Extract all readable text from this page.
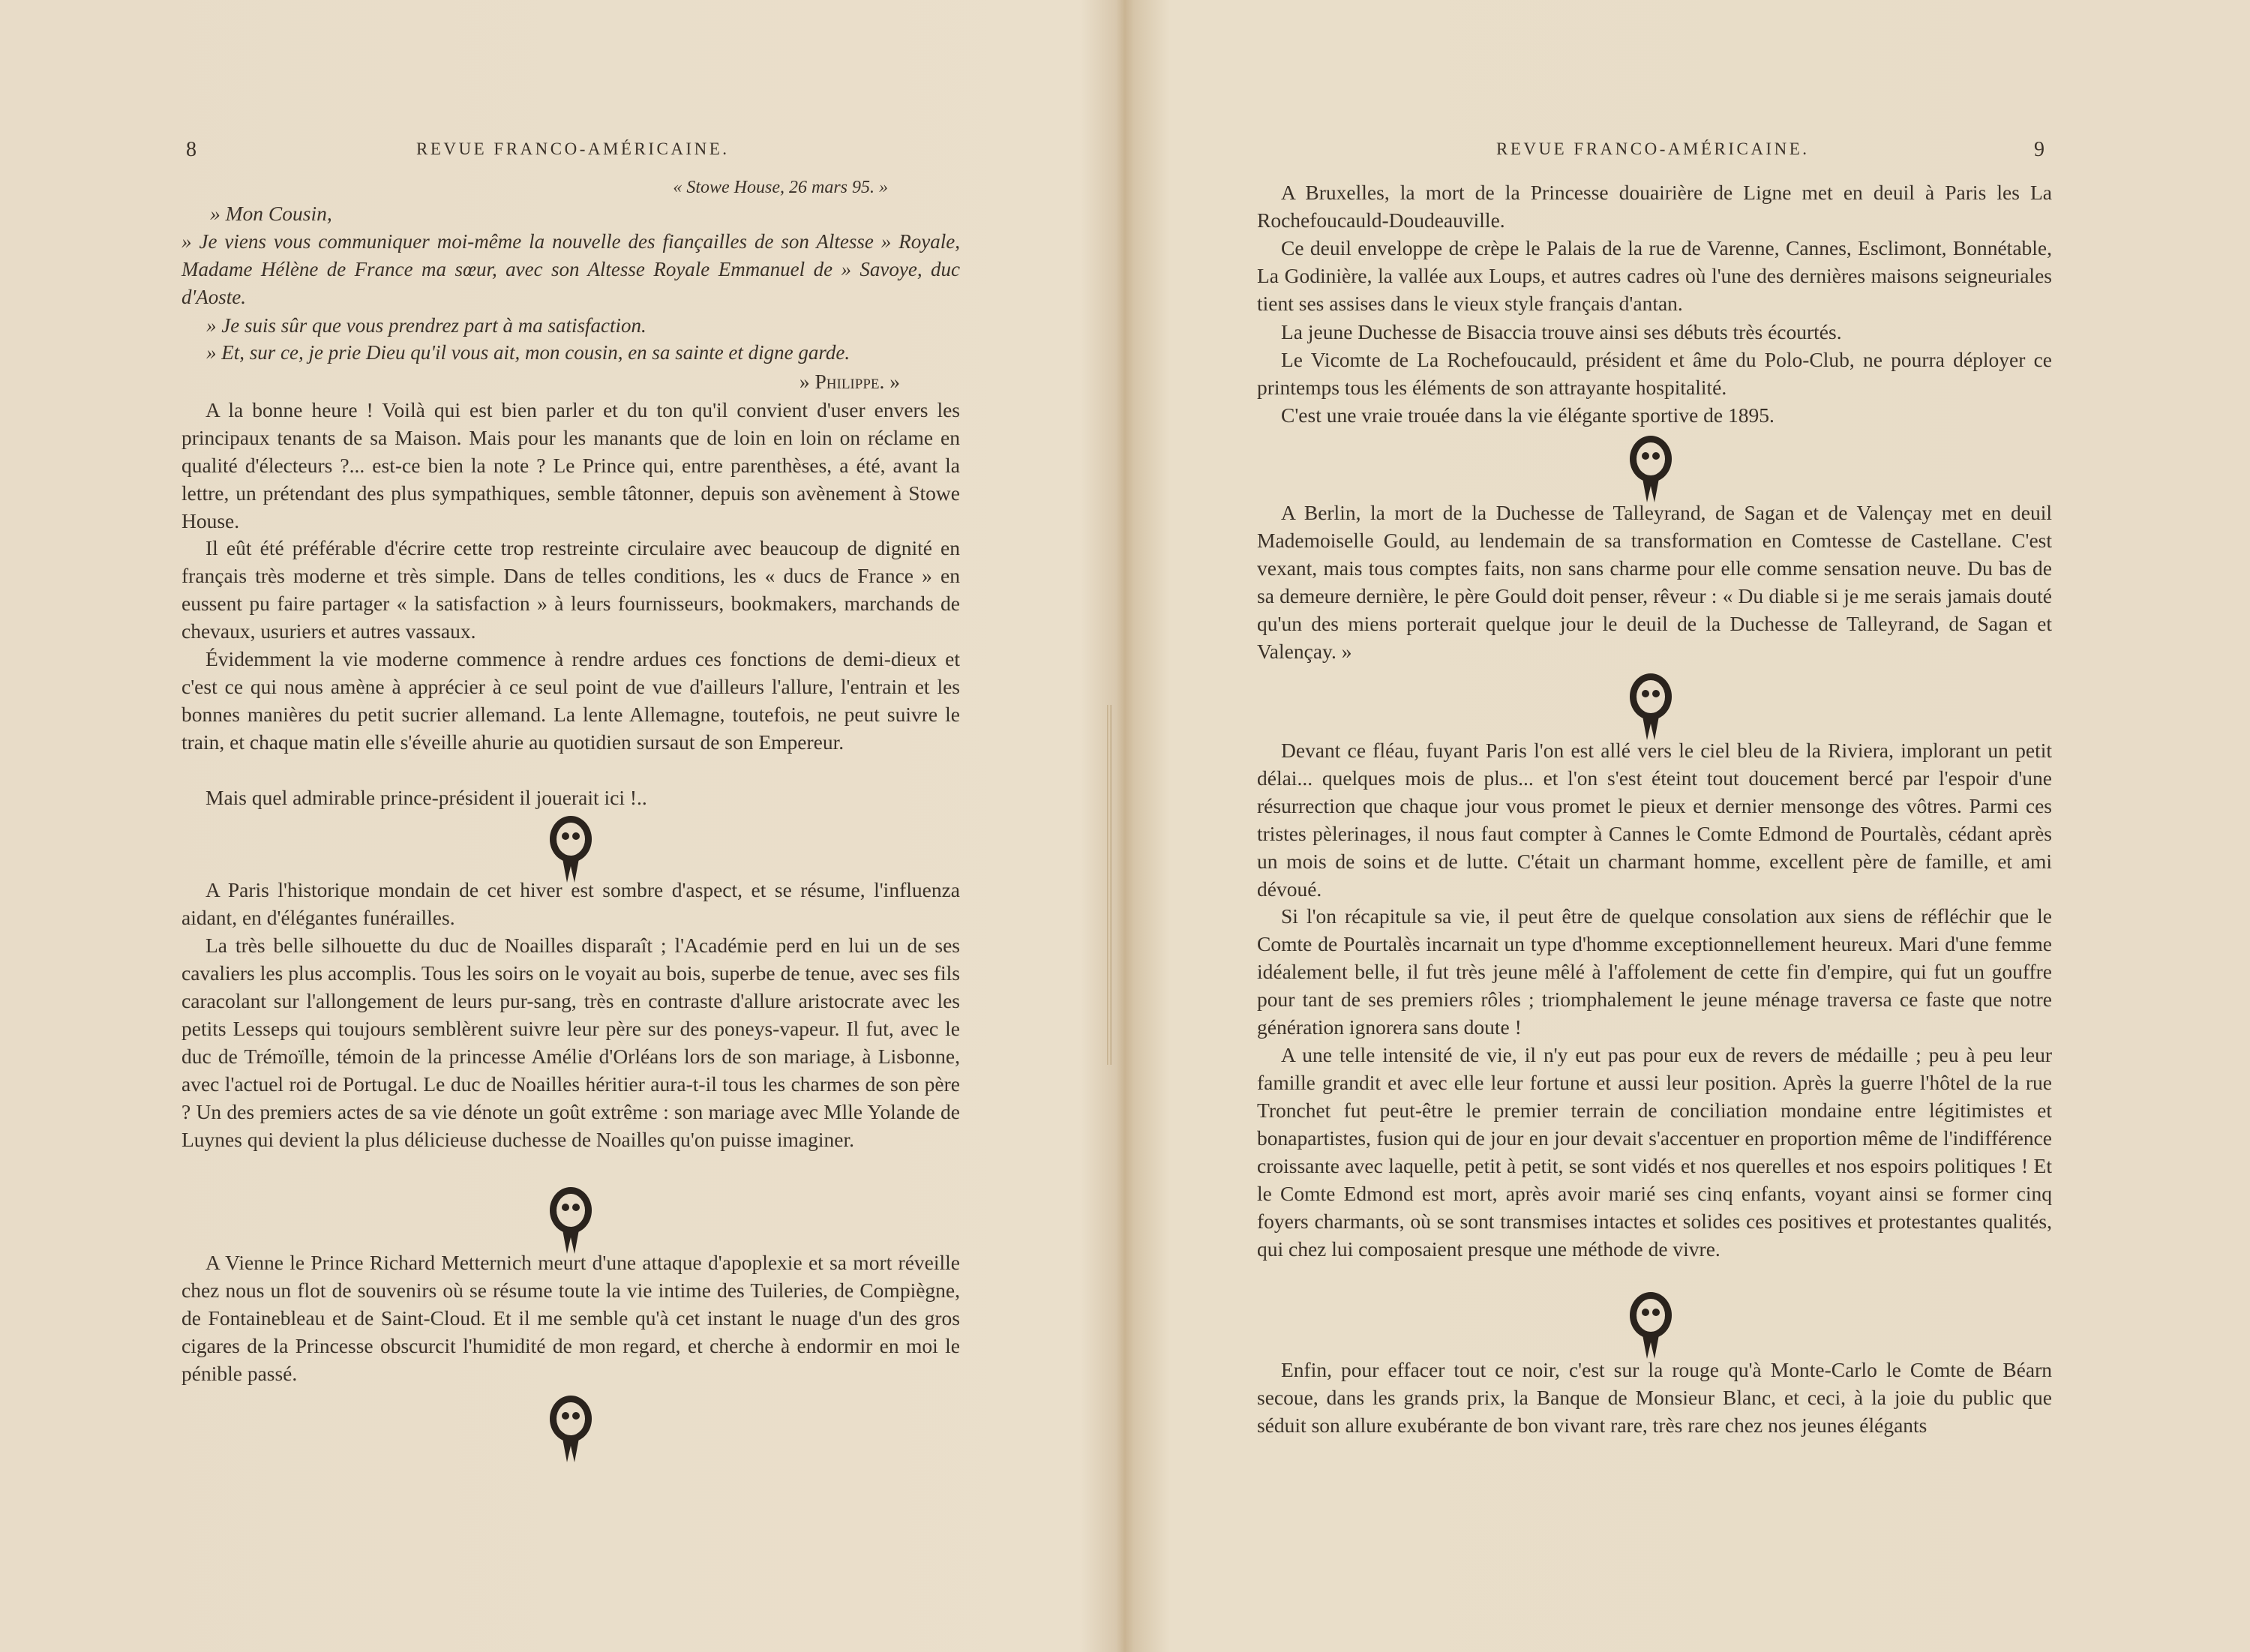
8	REVUE FRANCO-AMÉRICAINE.
« Stowe House, 26 mars 95. »
» Mon Cousin,
» Je viens vous communiquer moi-même la nouvelle des fiançailles de son Altesse » Royale, Madame Hélène de France ma sœur, avec son Altesse Royale Emmanuel de » Savoye, duc d'Aoste.
» Je suis sûr que vous prendrez part à ma satisfaction.
» Et, sur ce, je prie Dieu qu'il vous ait, mon cousin, en sa sainte et digne garde.
» Philippe. »

A la bonne heure ! Voilà qui est bien parler et du ton qu'il convient d'user envers les principaux tenants de sa Maison. Mais pour les manants que de loin en loin on réclame en qualité d'électeurs ?... est-ce bien la note ? Le Prince qui, entre parenthèses, a été, avant la lettre, un prétendant des plus sympathiques, semble tâtonner, depuis son avènement à Stowe House.

Il eût été préférable d'écrire cette trop restreinte circulaire avec beaucoup de dignité en français très moderne et très simple. Dans de telles conditions, les « ducs de France » en eussent pu faire partager « la satisfaction » à leurs fournisseurs, bookmakers, marchands de chevaux, usuriers et autres vassaux.

Évidemment la vie moderne commence à rendre ardues ces fonctions de demi-dieux et c'est ce qui nous amène à apprécier à ce seul point de vue d'ailleurs l'allure, l'entrain et les bonnes manières du petit sucrier allemand. La lente Allemagne, toutefois, ne peut suivre le train, et chaque matin elle s'éveille ahurie au quotidien sursaut de son Empereur.

Mais quel admirable prince-président il jouerait ici !..

A Paris l'historique mondain de cet hiver est sombre d'aspect, et se résume, l'influenza aidant, en d'élégantes funérailles.

La très belle silhouette du duc de Noailles disparaît ; l'Académie perd en lui un de ses cavaliers les plus accomplis. Tous les soirs on le voyait au bois, superbe de tenue, avec ses fils caracolant sur l'allongement de leurs pur-sang, très en contraste d'allure aristocrate avec les petits Lesseps qui toujours semblèrent suivre leur père sur des poneys-vapeur. Il fut, avec le duc de Trémoïlle, témoin de la princesse Amélie d'Orléans lors de son mariage, à Lisbonne, avec l'actuel roi de Portugal. Le duc de Noailles héritier aura-t-il tous les charmes de son père ? Un des premiers actes de sa vie dénote un goût extrême : son mariage avec Mlle Yolande de Luynes qui devient la plus délicieuse duchesse de Noailles qu'on puisse imaginer.

A Vienne le Prince Richard Metternich meurt d'une attaque d'apoplexie et sa mort réveille chez nous un flot de souvenirs où se résume toute la vie intime des Tuileries, de Compiègne, de Fontainebleau et de Saint-Cloud. Et il me semble qu'à cet instant le nuage d'un des gros cigares de la Princesse obscurcit l'humidité de mon regard, et cherche à endormir en moi le pénible passé.

REVUE FRANCO-AMÉRICAINE.	9

A Bruxelles, la mort de la Princesse douairière de Ligne met en deuil à Paris les La Rochefoucauld-Doudeauville.

Ce deuil enveloppe de crèpe le Palais de la rue de Varenne, Cannes, Esclimont, Bonnétable, La Godinière, la vallée aux Loups, et autres cadres où l'une des dernières maisons seigneuriales tient ses assises dans le vieux style français d'antan.

La jeune Duchesse de Bisaccia trouve ainsi ses débuts très écourtés.

Le Vicomte de La Rochefoucauld, président et âme du Polo-Club, ne pourra déployer ce printemps tous les éléments de son attrayante hospitalité.

C'est une vraie trouée dans la vie élégante sportive de 1895.

A Berlin, la mort de la Duchesse de Talleyrand, de Sagan et de Valençay met en deuil Mademoiselle Gould, au lendemain de sa transformation en Comtesse de Castellane. C'est vexant, mais tous comptes faits, non sans charme pour elle comme sensation neuve. Du bas de sa demeure dernière, le père Gould doit penser, rêveur : « Du diable si je me serais jamais douté qu'un des miens porterait quelque jour le deuil de la Duchesse de Talleyrand, de Sagan et Valençay. »

Devant ce fléau, fuyant Paris l'on est allé vers le ciel bleu de la Riviera, implorant un petit délai... quelques mois de plus... et l'on s'est éteint tout doucement bercé par l'espoir d'une résurrection que chaque jour vous promet le pieux et dernier mensonge des vôtres. Parmi ces tristes pèlerinages, il nous faut compter à Cannes le Comte Edmond de Pourtalès, cédant après un mois de soins et de lutte. C'était un charmant homme, excellent père de famille, et ami dévoué.

Si l'on récapitule sa vie, il peut être de quelque consolation aux siens de réfléchir que le Comte de Pourtalès incarnait un type d'homme exceptionnellement heureux. Mari d'une femme idéalement belle, il fut très jeune mêlé à l'affolement de cette fin d'empire, qui fut un gouffre pour tant de ses premiers rôles ; triomphalement le jeune ménage traversa ce faste que notre génération ignorera sans doute !

A une telle intensité de vie, il n'y eut pas pour eux de revers de médaille ; peu à peu leur famille grandit et avec elle leur fortune et aussi leur position. Après la guerre l'hôtel de la rue Tronchet fut peut-être le premier terrain de conciliation mondaine entre légitimistes et bonapartistes, fusion qui de jour en jour devait s'accentuer en proportion même de l'indifférence croissante avec laquelle, petit à petit, se sont vidés et nos querelles et nos espoirs politiques ! Et le Comte Edmond est mort, après avoir marié ses cinq enfants, voyant ainsi se former cinq foyers charmants, où se sont transmises intactes et solides ces positives et protestantes qualités, qui chez lui composaient presque une méthode de vivre.

Enfin, pour effacer tout ce noir, c'est sur la rouge qu'à Monte-Carlo le Comte de Béarn secoue, dans les grands prix, la Banque de Monsieur Blanc, et ceci, à la joie du public que séduit son allure exubérante de bon vivant rare, très rare chez nos jeunes élégants
